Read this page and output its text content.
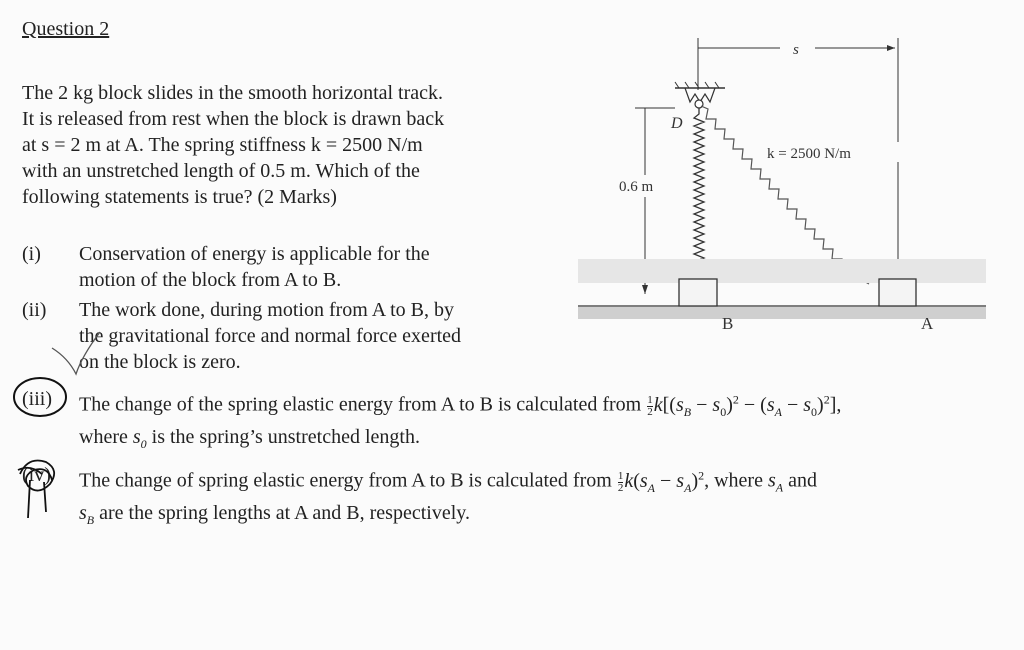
Question 2
The 2 kg block slides in the smooth horizontal track.
It is released from rest when the block is drawn back
at s = 2 m at A. The spring stiffness k = 2500 N/m
with an unstretched length of 0.5 m. Which of the
following statements is true? (2 Marks)
(i) Conservation of energy is applicable for the
motion of the block from A to B.
(ii) The work done, during motion from A to B, by
the gravitational force and normal force exerted
on the block is zero.
(iii) The change of the spring elastic energy from A to B is calculated from $\frac{1}{2} k[(s_B - s_0)^2 - (s_A - s_0)^2]$,
where $s_0$ is the spring’s unstretched length.
(iv) The change of spring elastic energy from A to B is calculated from $\frac{1}{2} k(s_A - s_A)^2$, where $s_A$ and
$s_B$ are the spring lengths at A and B, respectively.
s
0.6 m
D
k = 2500 N/m
B	A
